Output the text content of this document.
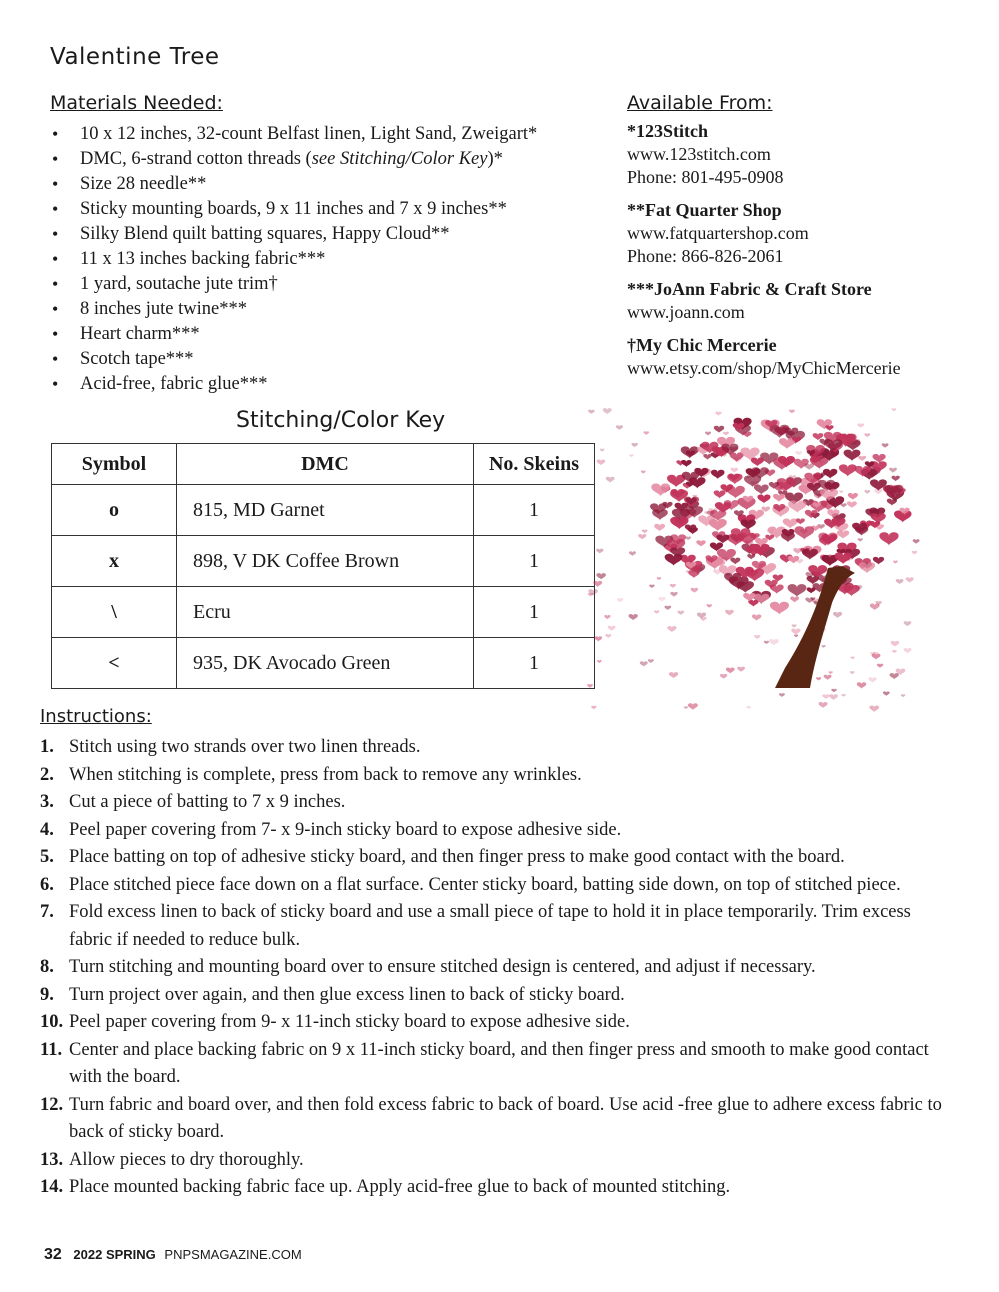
Valentine Tree
Materials Needed:
• 10 x 12 inches, 32-count Belfast linen, Light Sand, Zweigart*
• DMC, 6-strand cotton threads (see Stitching/Color Key)*
• Size 28 needle**
• Sticky mounting boards, 9 x 11 inches and 7 x 9 inches**
• Silky Blend quilt batting squares, Happy Cloud**
• 11 x 13 inches backing fabric***
• 1 yard, soutache jute trim†
• 8 inches jute twine***
• Heart charm***
• Scotch tape***
• Acid-free, fabric glue***
Available From:
*123Stitch
www.123stitch.com
Phone: 801-495-0908
**Fat Quarter Shop
www.fatquartershop.com
Phone: 866-826-2061
***JoAnn Fabric & Craft Store
www.joann.com
†My Chic Mercerie
www.etsy.com/shop/MyChicMercerie
Stitching/Color Key
Symbol	DMC	No. Skeins
o	815, MD Garnet	1
x	898, V DK Coffee Brown	1
\	Ecru	1
<	935, DK Avocado Green	1
Instructions:
1. Stitch using two strands over two linen threads.
2. When stitching is complete, press from back to remove any wrinkles.
3. Cut a piece of batting to 7 x 9 inches.
4. Peel paper covering from 7- x 9-inch sticky board to expose adhesive side.
5. Place batting on top of adhesive sticky board, and then finger press to make good contact with the board.
6. Place stitched piece face down on a flat surface. Center sticky board, batting side down, on top of stitched piece.
7. Fold excess linen to back of sticky board and use a small piece of tape to hold it in place temporarily. Trim excess fabric if needed to reduce bulk.
8. Turn stitching and mounting board over to ensure stitched design is centered, and adjust if necessary.
9. Turn project over again, and then glue excess linen to back of sticky board.
10. Peel paper covering from 9- x 11-inch sticky board to expose adhesive side.
11. Center and place backing fabric on 9 x 11-inch sticky board, and then finger press and smooth to make good contact with the board.
12. Turn fabric and board over, and then fold excess fabric to back of board. Use acid -free glue to adhere excess fabric to back of sticky board.
13. Allow pieces to dry thoroughly.
14. Place mounted backing fabric face up. Apply acid-free glue to back of mounted stitching.
32 2022 SPRING PNPSMAGAZINE.COM
